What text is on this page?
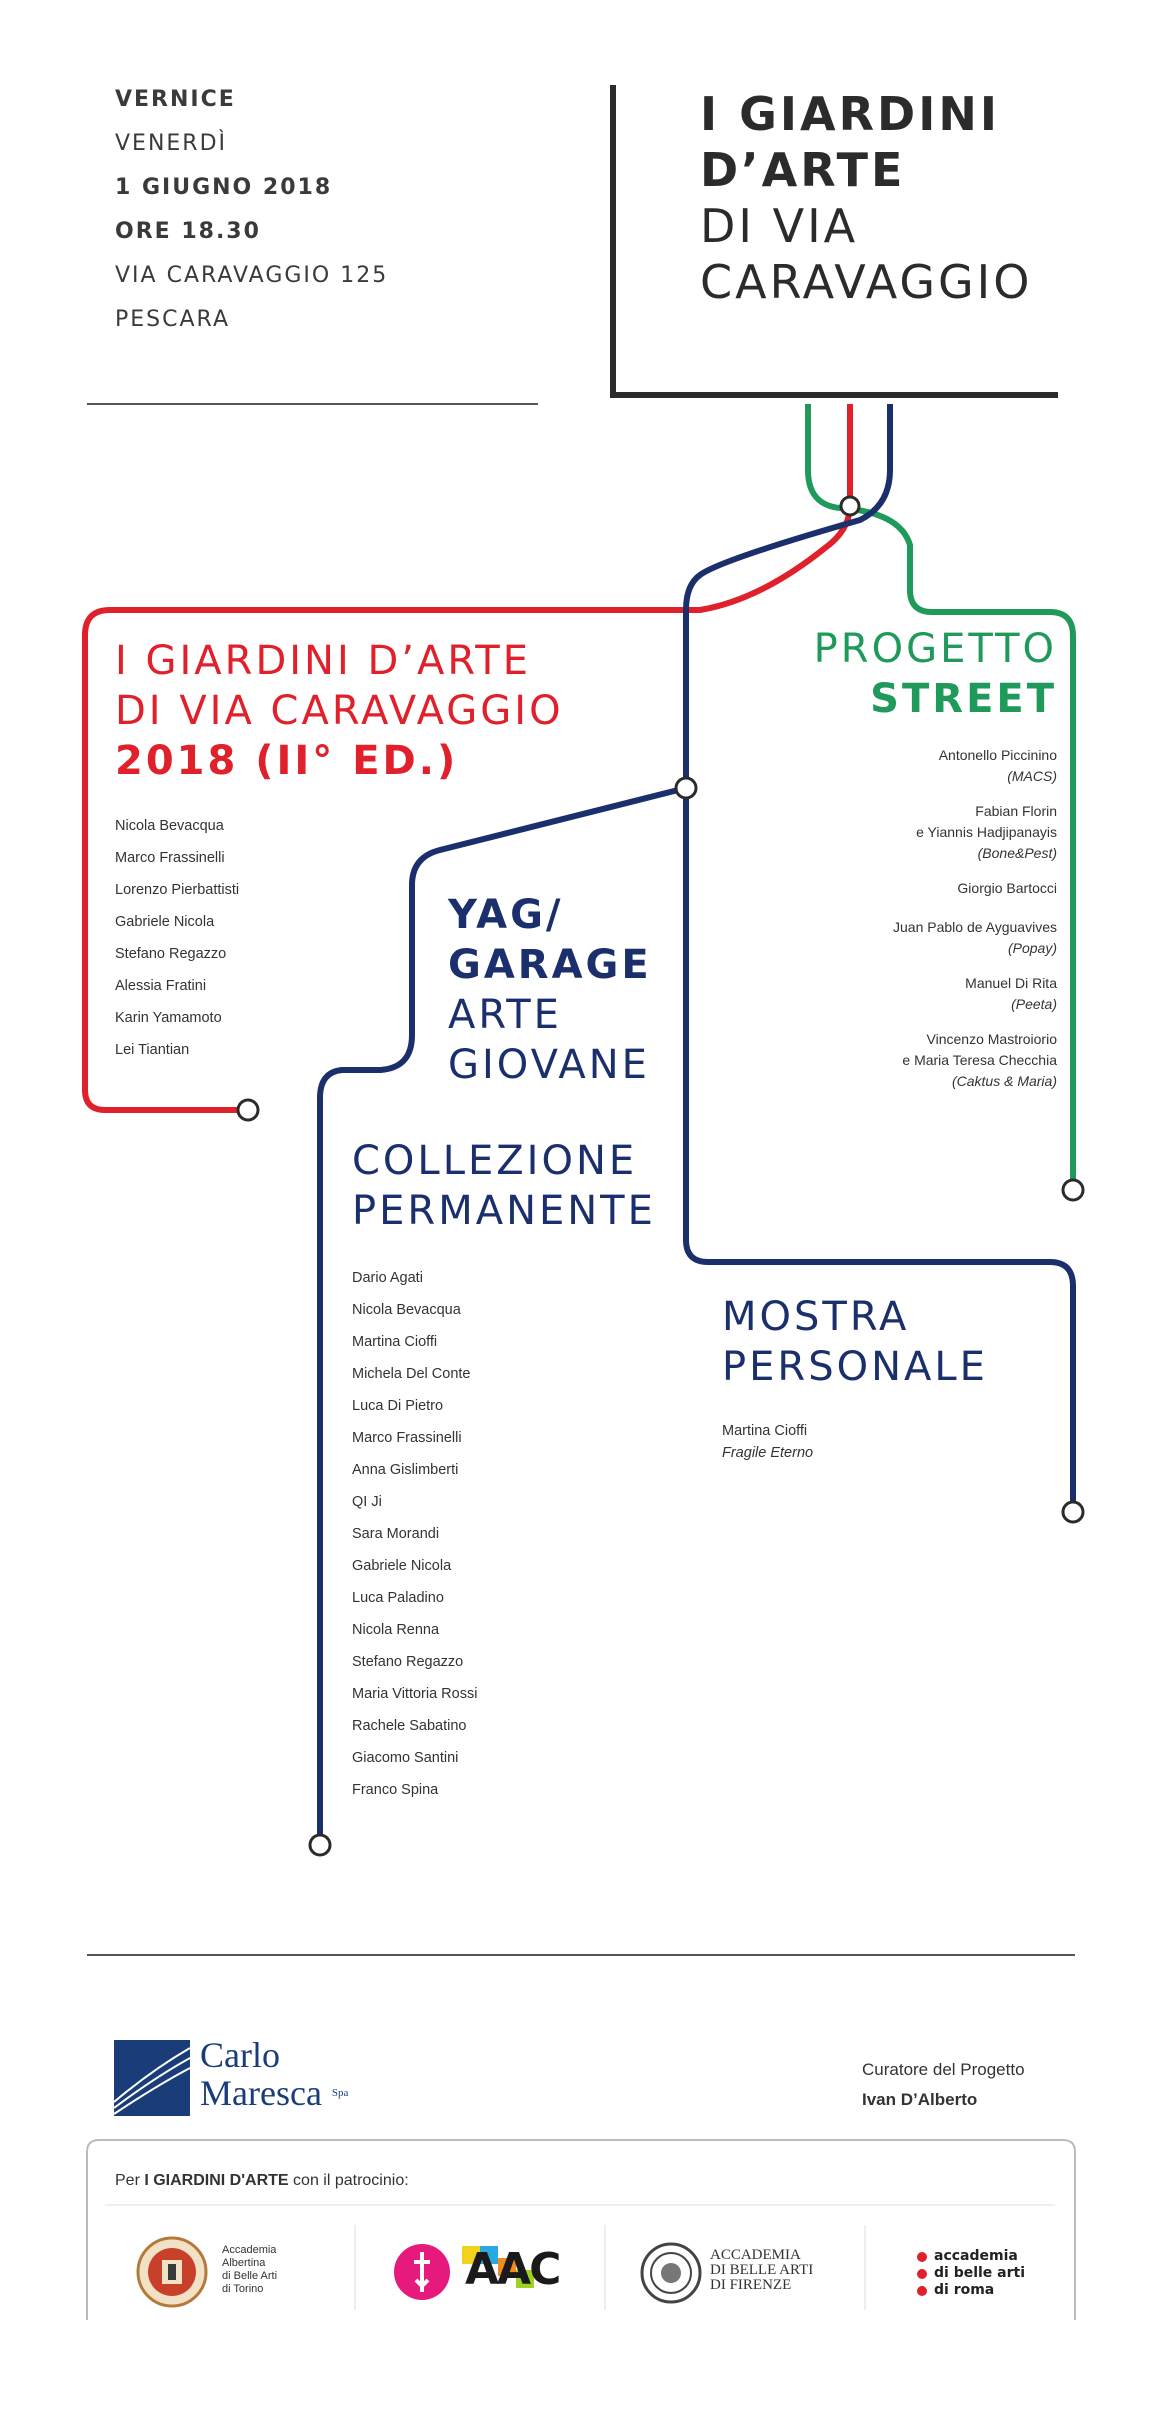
VERNICE
VENERDÌ
1 GIUGNO 2018
ORE 18.30
VIA CARAVAGGIO 125
PESCARA
I GIARDINI
D’ARTE
DI VIA
CARAVAGGIO
I GIARDINI D’ARTE
DI VIA CARAVAGGIO
2018 (II° ED.)
Nicola Bevacqua
Marco Frassinelli
Lorenzo Pierbattisti
Gabriele Nicola
Stefano Regazzo
Alessia Fratini
Karin Yamamoto
Lei Tiantian
PROGETTO
STREET
Antonello Piccinino
(MACS)
Fabian Florin
e Yiannis Hadjipanayis
(Bone&Pest)
Giorgio Bartocci
Juan Pablo de Ayguavives
(Popay)
Manuel Di Rita
(Peeta)
Vincenzo Mastroiorio
e Maria Teresa Checchia
(Caktus & Maria)
YAG/
GARAGE
ARTE
GIOVANE
COLLEZIONE
PERMANENTE
Dario Agati
Nicola Bevacqua
Martina Cioffi
Michela Del Conte
Luca Di Pietro
Marco Frassinelli
Anna Gislimberti
QI Ji
Sara Morandi
Gabriele Nicola
Luca Paladino
Nicola Renna
Stefano Regazzo
Maria Vittoria Rossi
Rachele Sabatino
Giacomo Santini
Franco Spina
MOSTRA
PERSONALE
Martina Cioffi
Fragile Eterno
Carlo
Maresca $^{Spa}$
Curatore del Progetto
Ivan D’Alberto
Per I GIARDINI D'ARTE con il patrocinio:
Accademia
Albertina
di Belle Arti
di Torino	AAC	ACCADEMIA
DI BELLE ARTI
DI FIRENZE
accademia
di belle arti
di roma
